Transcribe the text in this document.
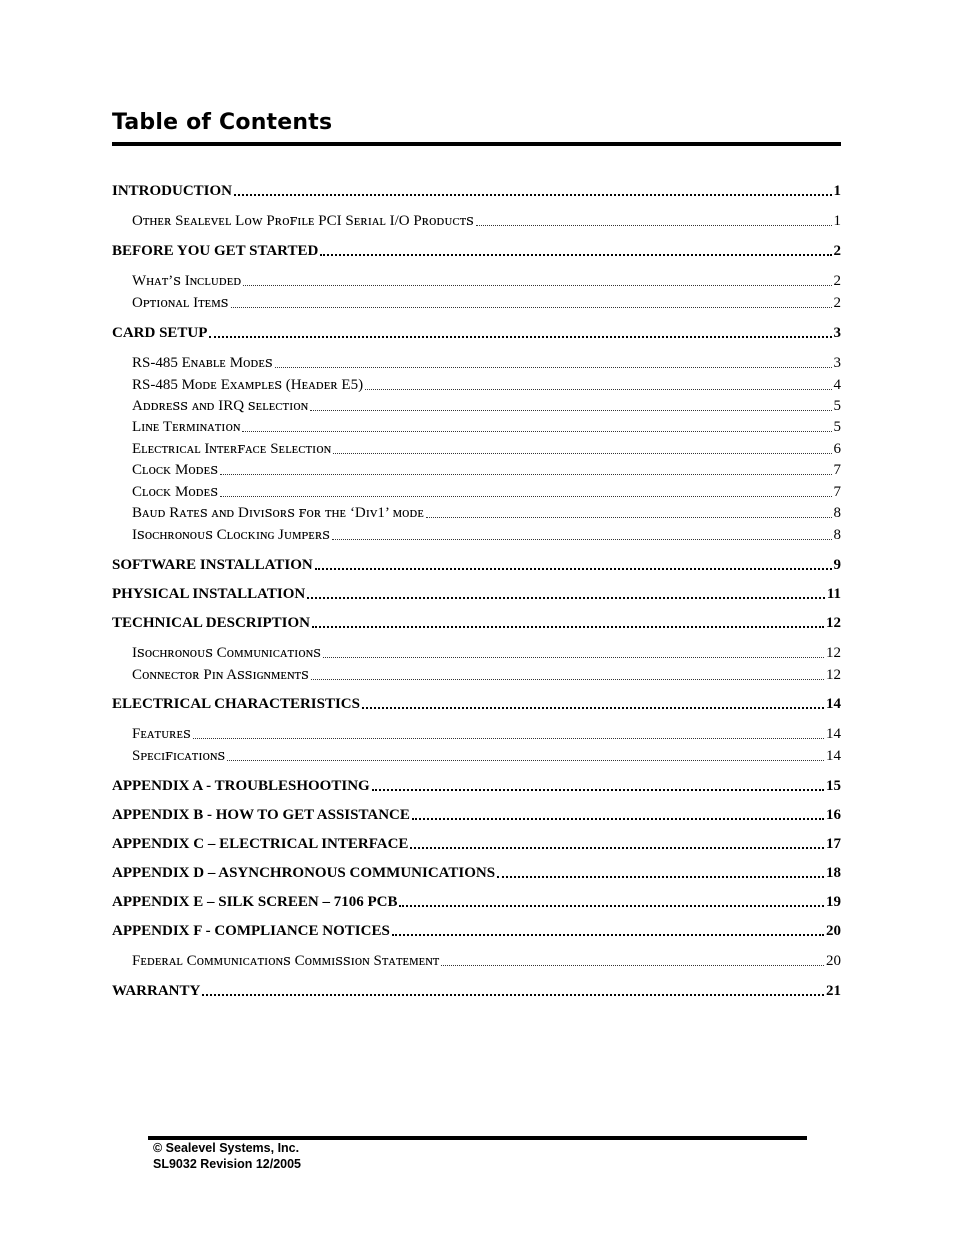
Table of Contents
INTRODUCTION	1
Oᴛʜᴇʀ Sᴇᴀʟᴇᴠᴇʟ Lᴏᴡ Pʀᴏꜰɪʟᴇ PCI Sᴇʀɪᴀʟ I/O Pʀᴏᴅᴜᴄᴛꜱ	1
BEFORE YOU GET STARTED	2
Wʜᴀᴛ’ꜱ Iɴᴄʟᴜᴅᴇᴅ	2
Oᴘᴛɪᴏɴᴀʟ Iᴛᴇᴍꜱ	2
CARD SETUP	3
RS-485 Eɴᴀʙʟᴇ Mᴏᴅᴇꜱ	3
RS-485 Mᴏᴅᴇ Exᴀᴍᴘʟᴇꜱ (Hᴇᴀᴅᴇʀ E5)	4
Aᴅᴅʀᴇꜱꜱ ᴀɴᴅ IRQ ꜱᴇʟᴇᴄᴛɪᴏɴ	5
Lɪɴᴇ Tᴇʀᴍɪɴᴀᴛɪᴏɴ	5
Eʟᴇᴄᴛʀɪᴄᴀʟ Iɴᴛᴇʀꜰᴀᴄᴇ Sᴇʟᴇᴄᴛɪᴏɴ	6
Cʟᴏᴄᴋ Mᴏᴅᴇꜱ	7
Cʟᴏᴄᴋ Mᴏᴅᴇꜱ	7
Bᴀᴜᴅ Rᴀᴛᴇꜱ ᴀɴᴅ Dɪᴠɪꜱᴏʀꜱ ꜰᴏʀ ᴛʜᴇ ‘Dɪᴠ1’ ᴍᴏᴅᴇ	8
Iꜱᴏᴄʜʀᴏɴᴏᴜꜱ Cʟᴏᴄᴋɪɴɢ Jᴜᴍᴘᴇʀꜱ	8
SOFTWARE INSTALLATION	9
PHYSICAL INSTALLATION	11
TECHNICAL DESCRIPTION	12
Iꜱᴏᴄʜʀᴏɴᴏᴜꜱ Cᴏᴍᴍᴜɴɪᴄᴀᴛɪᴏɴꜱ	12
Cᴏɴɴᴇᴄᴛᴏʀ Pɪɴ Aꜱꜱɪɢɴᴍᴇɴᴛꜱ	12
ELECTRICAL CHARACTERISTICS	14
Fᴇᴀᴛᴜʀᴇꜱ	14
Sᴘᴇᴄɪꜰɪᴄᴀᴛɪᴏɴꜱ	14
APPENDIX A - TROUBLESHOOTING	15
APPENDIX B - HOW TO GET ASSISTANCE	16
APPENDIX C – ELECTRICAL INTERFACE	17
APPENDIX D – ASYNCHRONOUS COMMUNICATIONS	18
APPENDIX E – SILK SCREEN – 7106 PCB	19
APPENDIX F - COMPLIANCE NOTICES	20
Fᴇᴅᴇʀᴀʟ Cᴏᴍᴍᴜɴɪᴄᴀᴛɪᴏɴꜱ Cᴏᴍᴍɪꜱꜱɪᴏɴ Sᴛᴀᴛᴇᴍᴇɴᴛ	20
WARRANTY	21
© Sealevel Systems, Inc.
SL9032 Revision 12/2005
